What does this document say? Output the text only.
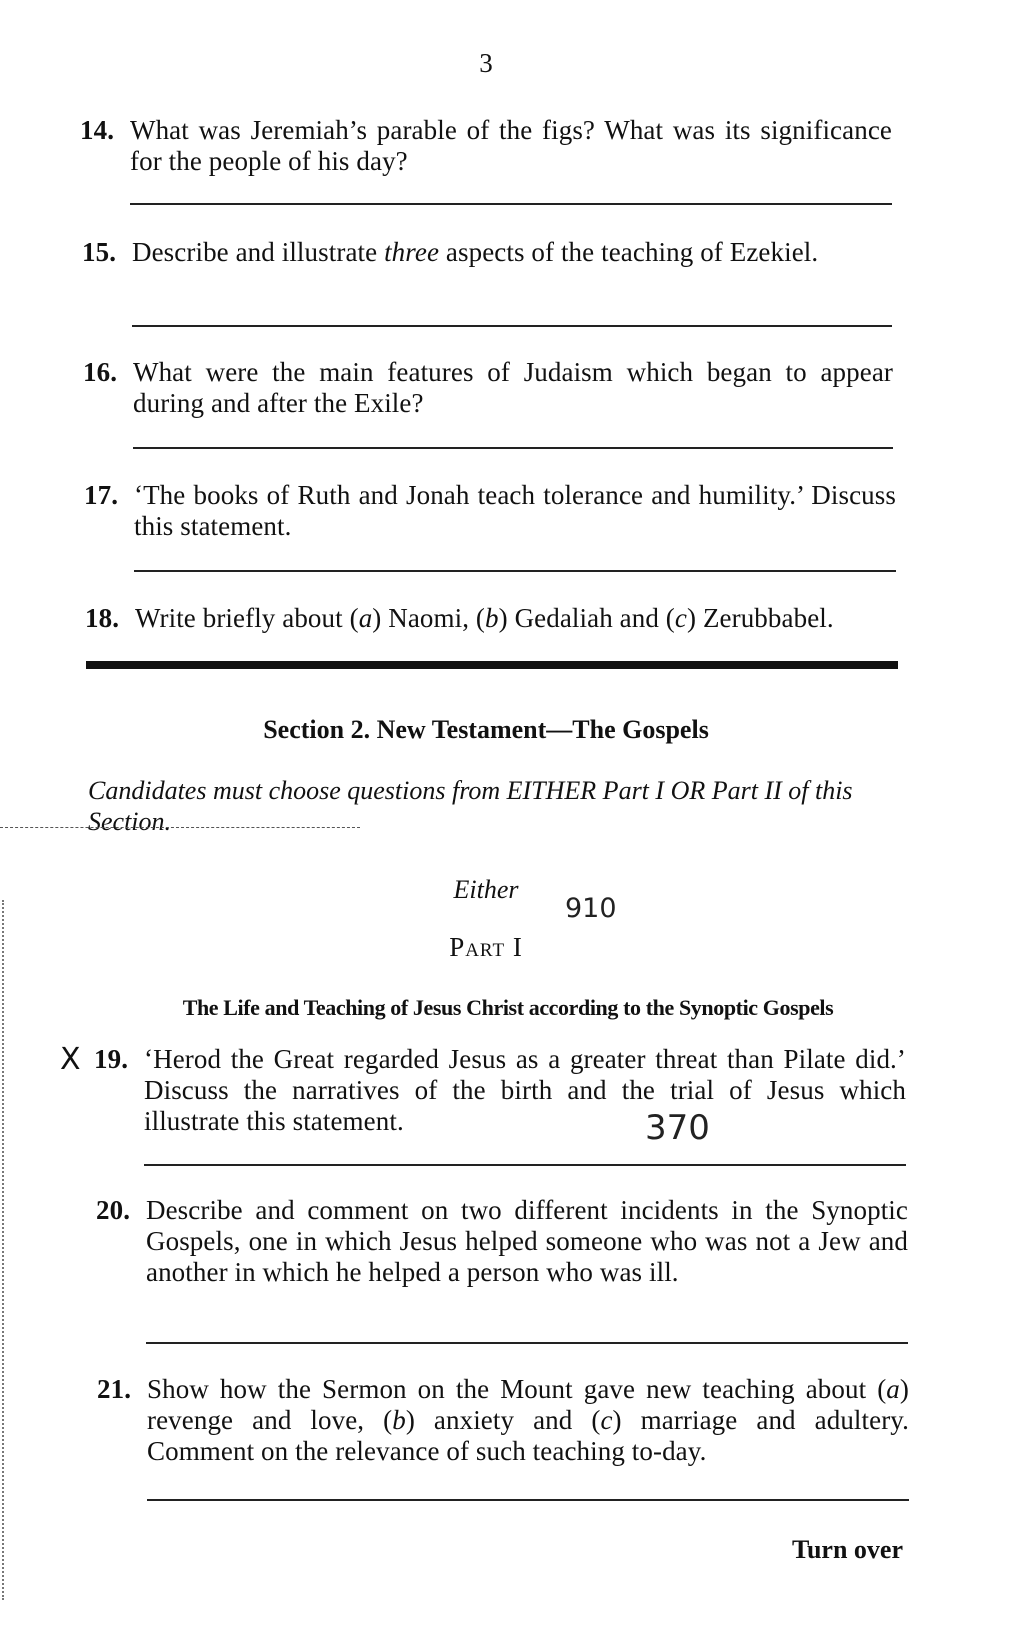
3
14. What was Jeremiah’s parable of the figs? What was its significance for the people of his day?
15. Describe and illustrate three aspects of the teaching of Ezekiel.
16. What were the main features of Judaism which began to appear during and after the Exile?
17. ‘The books of Ruth and Jonah teach tolerance and humility.’ Discuss this statement.
18. Write briefly about (a) Naomi, (b) Gedaliah and (c) Zerubbabel.
Section 2. New Testament—The Gospels
Candidates must choose questions from EITHER Part I OR Part II of this Section.
Either
910
Part I
The Life and Teaching of Jesus Christ according to the Synoptic Gospels
X 19. ‘Herod the Great regarded Jesus as a greater threat than Pilate did.’ Discuss the narratives of the birth and the trial of Jesus which illustrate this statement.	370
20. Describe and comment on two different incidents in the Synoptic Gospels, one in which Jesus helped someone who was not a Jew and another in which he helped a person who was ill.
21. Show how the Sermon on the Mount gave new teaching about (a) revenge and love, (b) anxiety and (c) marriage and adultery. Comment on the relevance of such teaching to-day.
Turn over
